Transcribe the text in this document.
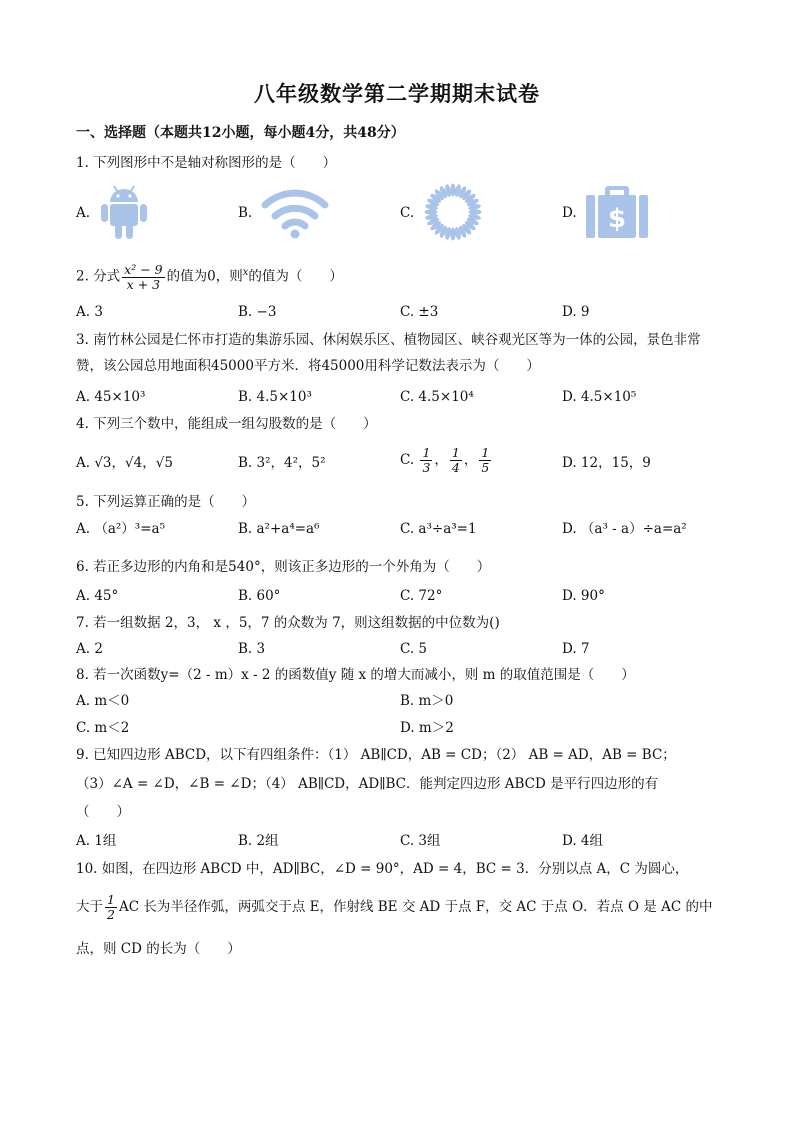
八年级数学第二学期期末试卷
一、选择题（本题共12小题，每小题4分，共48分）
1. 下列图形中不是轴对称图形的是（　　）
A.	B.	C.	D. $
2. 分式 $\frac{\text{x² − 9}}{x + 3}$ 的值为0，则$^x$的值为（　　）
A. 3	B. −3	C. ±3	D. 9
3. 南竹林公园是仁怀市打造的集游乐园、休闲娱乐区、植物园区、峡谷观光区等为一体的公园，景色非常
赞，该公园总用地面积45000平方米．将45000用科学记数法表示为（　　）
A. 45×10³	B. 4.5×10³	C. 4.5×10⁴	D. 4.5×10⁵
4. 下列三个数中，能组成一组勾股数的是（　　）
A. √3，√4，√5	B. 3²，4²，5²	C. $\frac{1}{3}$ ， $\frac{1}{4}$ ， $\frac{1}{5}$	D. 12，15，9
5. 下列运算正确的是（　　）
A. （a²）³=a⁵	B. a²+a⁴=a⁶	C. a³÷a³=1	D. （a³ - a）÷a=a²
6. 若正多边形的内角和是540°，则该正多边形的一个外角为（　　）
A. 45°	B. 60°	C. 72°	D. 90°
7. 若一组数据 2，3， x ，5，7 的众数为 7，则这组数据的中位数为()
A. 2	B. 3	C. 5	D. 7
8. 若一次函数y=（2 - m）x - 2 的函数值y 随 x 的增大而减小，则 m 的取值范围是（　　）
A. m＜0	B. m＞0
C. m＜2	D. m＞2
9. 已知四边形 ABCD，以下有四组条件：（1） AB∥CD，AB = CD；（2） AB = AD，AB = BC；
（3）∠A = ∠D，∠B = ∠D；（4） AB∥CD，AD∥BC．能判定四边形 ABCD 是平行四边形的有
（　　）
A. 1组	B. 2组	C. 3组	D. 4组
10. 如图，在四边形 ABCD 中，AD∥BC，∠D = 90°，AD = 4，BC = 3．分别以点 A，C 为圆心，
大于 $\frac{1}{2}$ AC 长为半径作弧，两弧交于点 E，作射线 BE 交 AD 于点 F，交 AC 于点 O．若点 O 是 AC 的中
点，则 CD 的长为（　　）
